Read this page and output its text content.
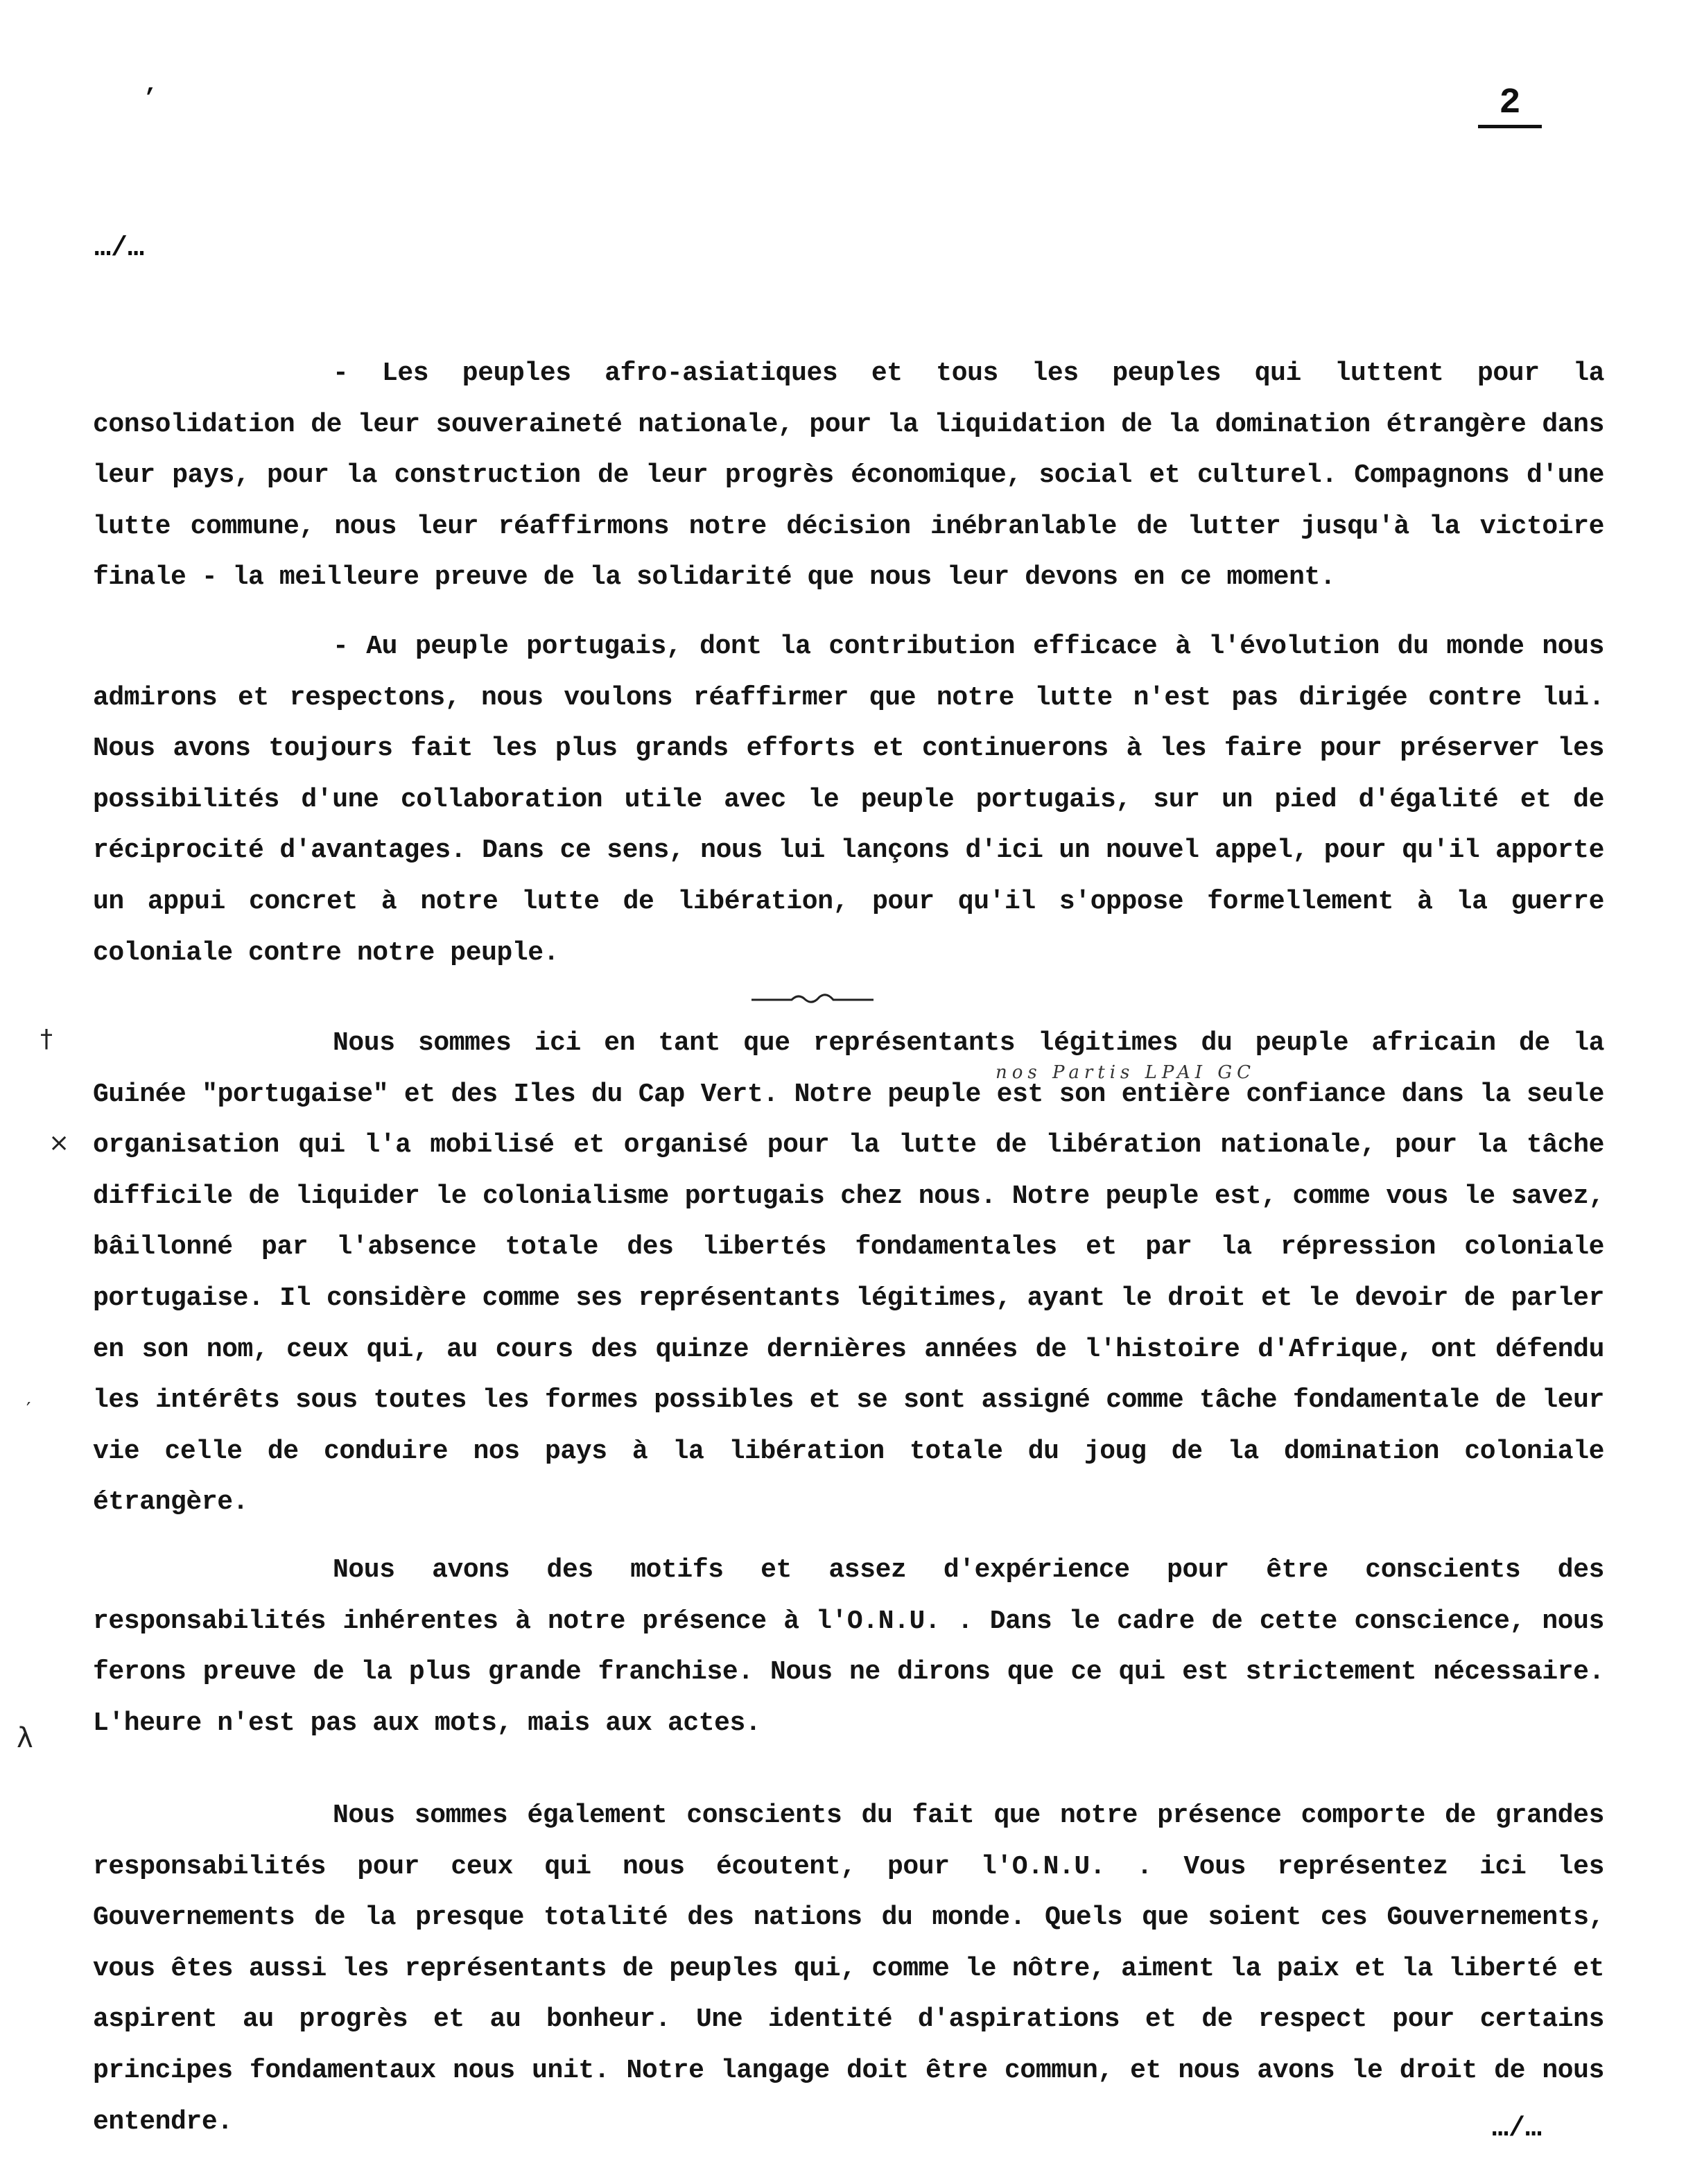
’	2
…/…

- Les peuples afro-asiatiques et tous les peuples qui luttent pour la consolidation de leur souveraineté nationale, pour la liquidation de la domination étrangère dans leur pays, pour la construction de leur progrès économique, social et culturel. Compagnons d'une lutte commune, nous leur réaffirmons notre décision inébranlable de lutter jusqu'à la victoire finale - la meilleure preuve de la solidarité que nous leur devons en ce moment.

- Au peuple portugais, dont la contribution efficace à l'évolution du monde nous admirons et respectons, nous voulons réaffirmer que notre lutte n'est pas dirigée contre lui. Nous avons toujours fait les plus grands efforts et continuerons à les faire pour préserver les possibilités d'une collaboration utile avec le peuple portugais, sur un pied d'égalité et de réciprocité d'avantages. Dans ce sens, nous lui lançons d'ici un nouvel appel, pour qu'il apporte un appui concret à notre lutte de libération, pour qu'il s'oppose formellement à la guerre coloniale contre notre peuple.

Nous sommes ici en tant que représentants légitimes du peuple africain de la Guinée "portugaise" et des Iles du Cap Vert. Notre peuple est son entière confiance dans la seule organisation qui l'a mobilisé et organisé pour la lutte de libération nationale, pour la tâche difficile de liquider le colonialisme portugais chez nous. Notre peuple est, comme vous le savez, bâillonné par l'absence totale des libertés fondamentales et par la répression coloniale portugaise. Il considère comme ses représentants légitimes, ayant le droit et le devoir de parler en son nom, ceux qui, au cours des quinze dernières années de l'histoire d'Afrique, ont défendu les intérêts sous toutes les formes possibles et se sont assigné comme tâche fondamentale de leur vie celle de conduire nos pays à la libération totale du joug de la domination coloniale étrangère.

Nous avons des motifs et assez d'expérience pour être conscients des responsabilités inhérentes à notre présence à l'O.N.U. . Dans le cadre de cette conscience, nous ferons preuve de la plus grande franchise. Nous ne dirons que ce qui est strictement nécessaire. L'heure n'est pas aux mots, mais aux actes.

Nous sommes également conscients du fait que notre présence comporte de grandes responsabilités pour ceux qui nous écoutent, pour l'O.N.U. . Vous représentez ici les Gouvernements de la presque totalité des nations du monde. Quels que soient ces Gouvernements, vous êtes aussi les représentants de peuples qui, comme le nôtre, aiment la paix et la liberté et aspirent au progrès et au bonheur. Une identité d'aspirations et de respect pour certains principes fondamentaux nous unit. Notre langage doit être commun, et nous avons le droit de nous entendre.

†
×
′
λ
nos Partis LPAI GC
…/…
